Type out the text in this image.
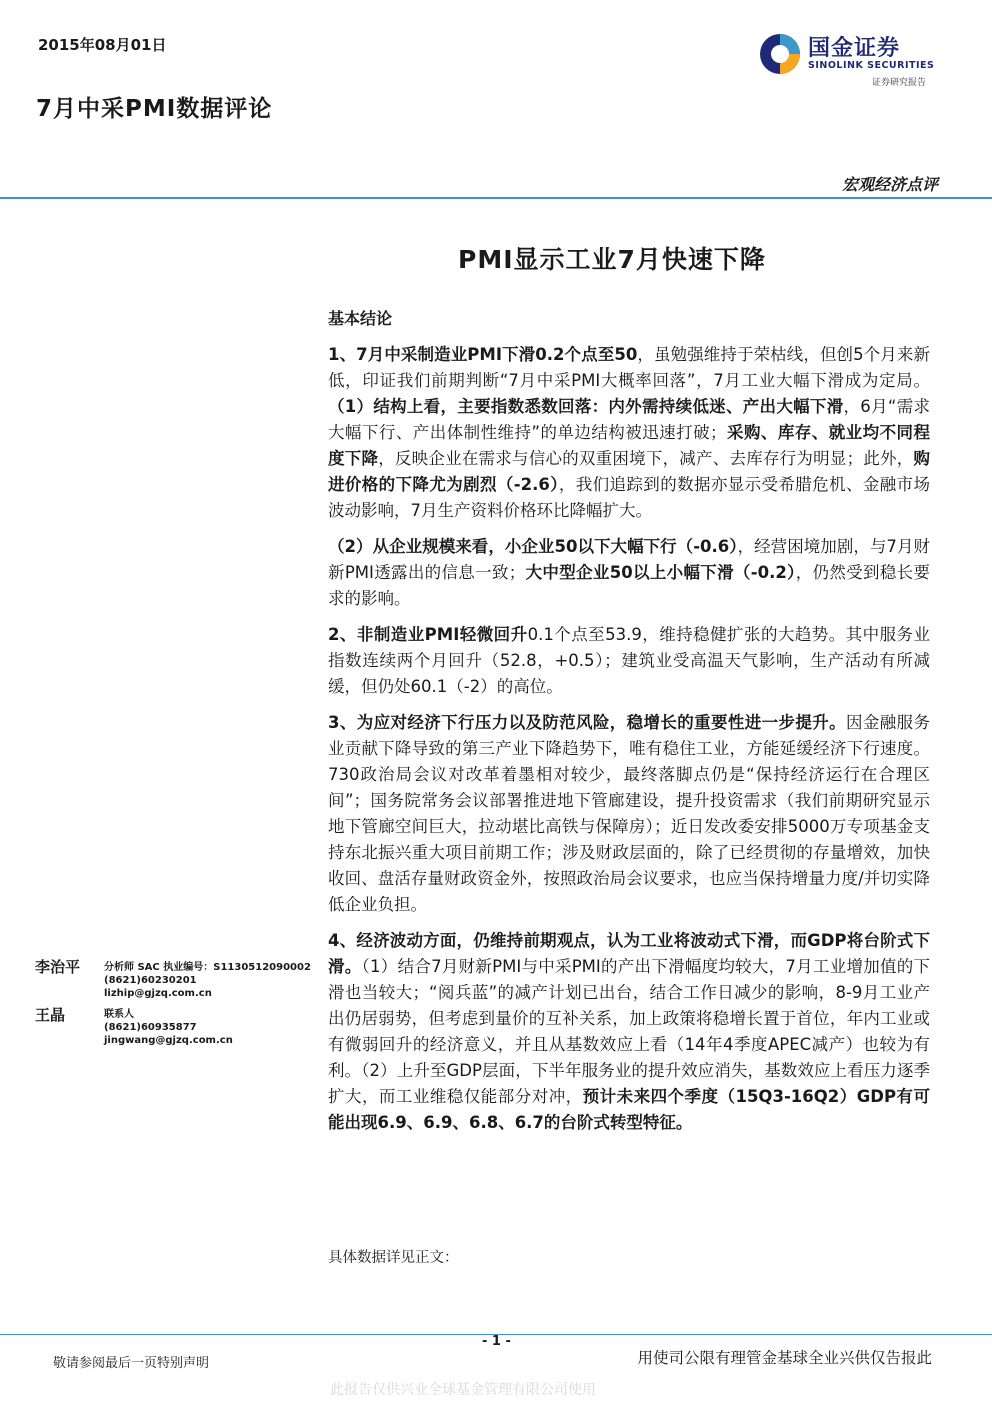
2015年08月01日
7月中采PMI数据评论
国金证券
SINOLINK SECURITIES
证券研究报告
宏观经济点评
PMI显示工业7月快速下降
基本结论

1、7月中采制造业PMI下滑0.2个点至50，虽勉强维持于荣枯线，但创5个月来新低，印证我们前期判断“7月中采PMI大概率回落”，7月工业大幅下滑成为定局。（1）结构上看，主要指数悉数回落：内外需持续低迷、产出大幅下滑，6月“需求大幅下行、产出体制性维持”的单边结构被迅速打破；采购、库存、就业均不同程度下降，反映企业在需求与信心的双重困境下，减产、去库存行为明显；此外，购进价格的下降尤为剧烈（-2.6），我们追踪到的数据亦显示受希腊危机、金融市场波动影响，7月生产资料价格环比降幅扩大。

（2）从企业规模来看，小企业50以下大幅下行（-0.6），经营困境加剧，与7月财新PMI透露出的信息一致；大中型企业50以上小幅下滑（-0.2），仍然受到稳长要求的影响。

2、非制造业PMI轻微回升0.1个点至53.9，维持稳健扩张的大趋势。其中服务业指数连续两个月回升（52.8，+0.5）；建筑业受高温天气影响，生产活动有所减缓，但仍处60.1（-2）的高位。

3、为应对经济下行压力以及防范风险，稳增长的重要性进一步提升。因金融服务业贡献下降导致的第三产业下降趋势下，唯有稳住工业，方能延缓经济下行速度。730政治局会议对改革着墨相对较少，最终落脚点仍是“保持经济运行在合理区间”；国务院常务会议部署推进地下管廊建设，提升投资需求（我们前期研究显示地下管廊空间巨大，拉动堪比高铁与保障房）；近日发改委安排5000万专项基金支持东北振兴重大项目前期工作；涉及财政层面的，除了已经贯彻的存量增效，加快收回、盘活存量财政资金外，按照政治局会议要求，也应当保持增量力度/并切实降低企业负担。

4、经济波动方面，仍维持前期观点，认为工业将波动式下滑，而GDP将台阶式下滑。（1）结合7月财新PMI与中采PMI的产出下滑幅度均较大，7月工业增加值的下滑也当较大；“阅兵蓝”的减产计划已出台，结合工作日减少的影响，8-9月工业产出仍居弱势，但考虑到量价的互补关系，加上政策将稳增长置于首位，年内工业或有微弱回升的经济意义，并且从基数效应上看（14年4季度APEC减产）也较为有利。（2）上升至GDP层面，下半年服务业的提升效应消失，基数效应上看压力逐季扩大，而工业维稳仅能部分对冲，预计未来四个季度（15Q3-16Q2）GDP有可能出现6.9、6.9、6.8、6.7的台阶式转型特征。

具体数据详见正文：
李治平 分析师 SAC 执业编号：S1130512090002
(8621)60230201
lizhip@gjzq.com.cn
王晶	联系人
(8621)60935877
jingwang@gjzq.com.cn
- 1 -
敬请参阅最后一页特别声明	用使司公限有理管金基球全业兴供仅告报此
此报告仅供兴业全球基金管理有限公司使用
